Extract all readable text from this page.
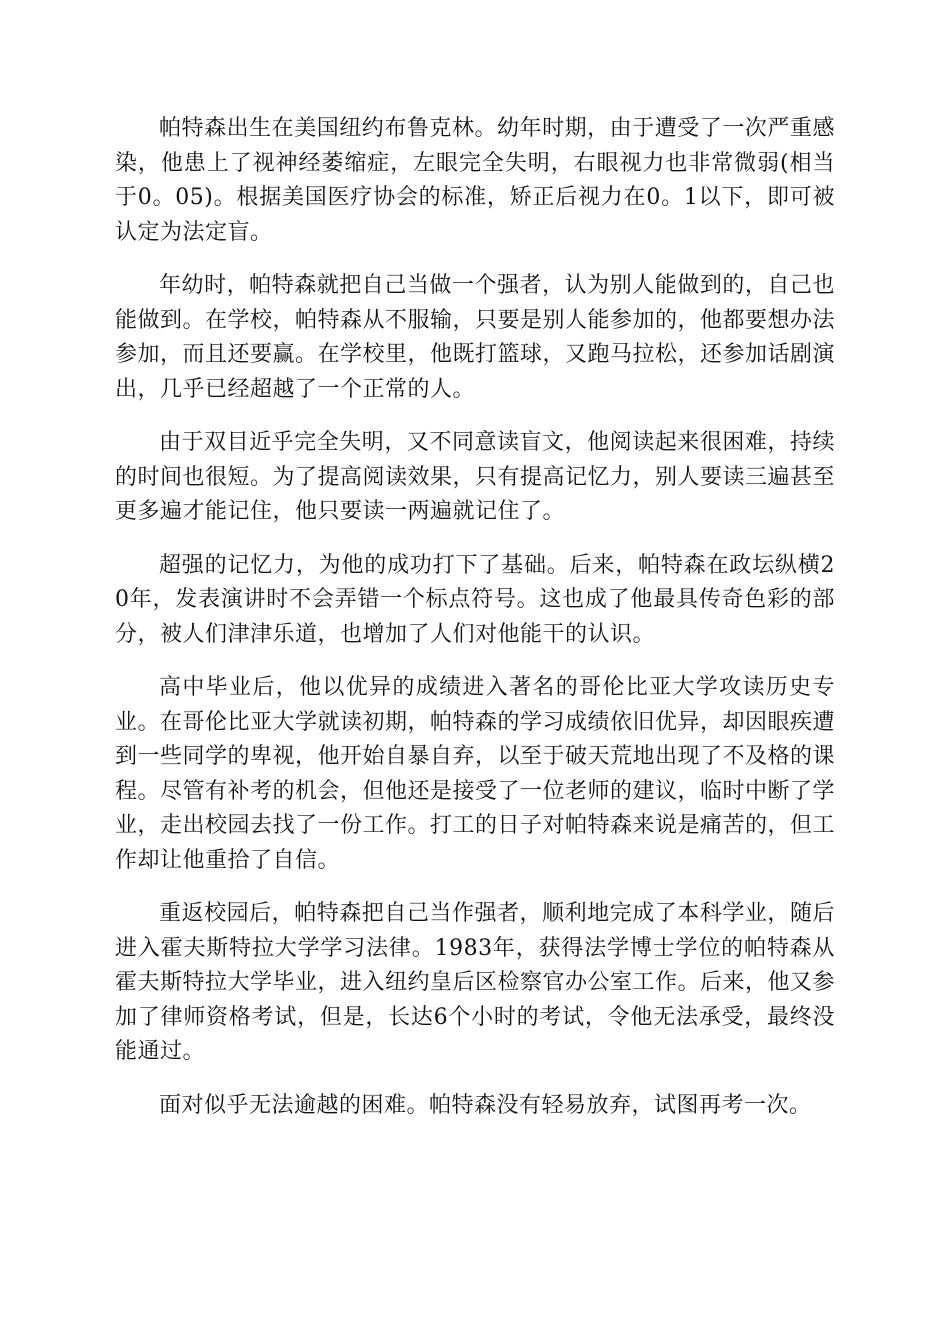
帕特森出生在美国纽约布鲁克林。幼年时期，由于遭受了一次严重感染，他患上了视神经萎缩症，左眼完全失明，右眼视力也非常微弱(相当于0。05)。根据美国医疗协会的标准，矫正后视力在0。1以下，即可被认定为法定盲。

年幼时，帕特森就把自己当做一个强者，认为别人能做到的，自己也能做到。在学校，帕特森从不服输，只要是别人能参加的，他都要想办法参加，而且还要赢。在学校里，他既打篮球，又跑马拉松，还参加话剧演出，几乎已经超越了一个正常的人。

由于双目近乎完全失明，又不同意读盲文，他阅读起来很困难，持续的时间也很短。为了提高阅读效果，只有提高记忆力，别人要读三遍甚至更多遍才能记住，他只要读一两遍就记住了。

超强的记忆力，为他的成功打下了基础。后来，帕特森在政坛纵横20年，发表演讲时不会弄错一个标点符号。这也成了他最具传奇色彩的部分，被人们津津乐道，也增加了人们对他能干的认识。

高中毕业后，他以优异的成绩进入著名的哥伦比亚大学攻读历史专业。在哥伦比亚大学就读初期，帕特森的学习成绩依旧优异，却因眼疾遭到一些同学的卑视，他开始自暴自弃，以至于破天荒地出现了不及格的课程。尽管有补考的机会，但他还是接受了一位老师的建议，临时中断了学业，走出校园去找了一份工作。打工的日子对帕特森来说是痛苦的，但工作却让他重拾了自信。

重返校园后，帕特森把自己当作强者，顺利地完成了本科学业，随后进入霍夫斯特拉大学学习法律。1983年，获得法学博士学位的帕特森从霍夫斯特拉大学毕业，进入纽约皇后区检察官办公室工作。后来，他又参加了律师资格考试，但是，长达6个小时的考试，令他无法承受，最终没能通过。

面对似乎无法逾越的困难。帕特森没有轻易放弃，试图再考一次。
